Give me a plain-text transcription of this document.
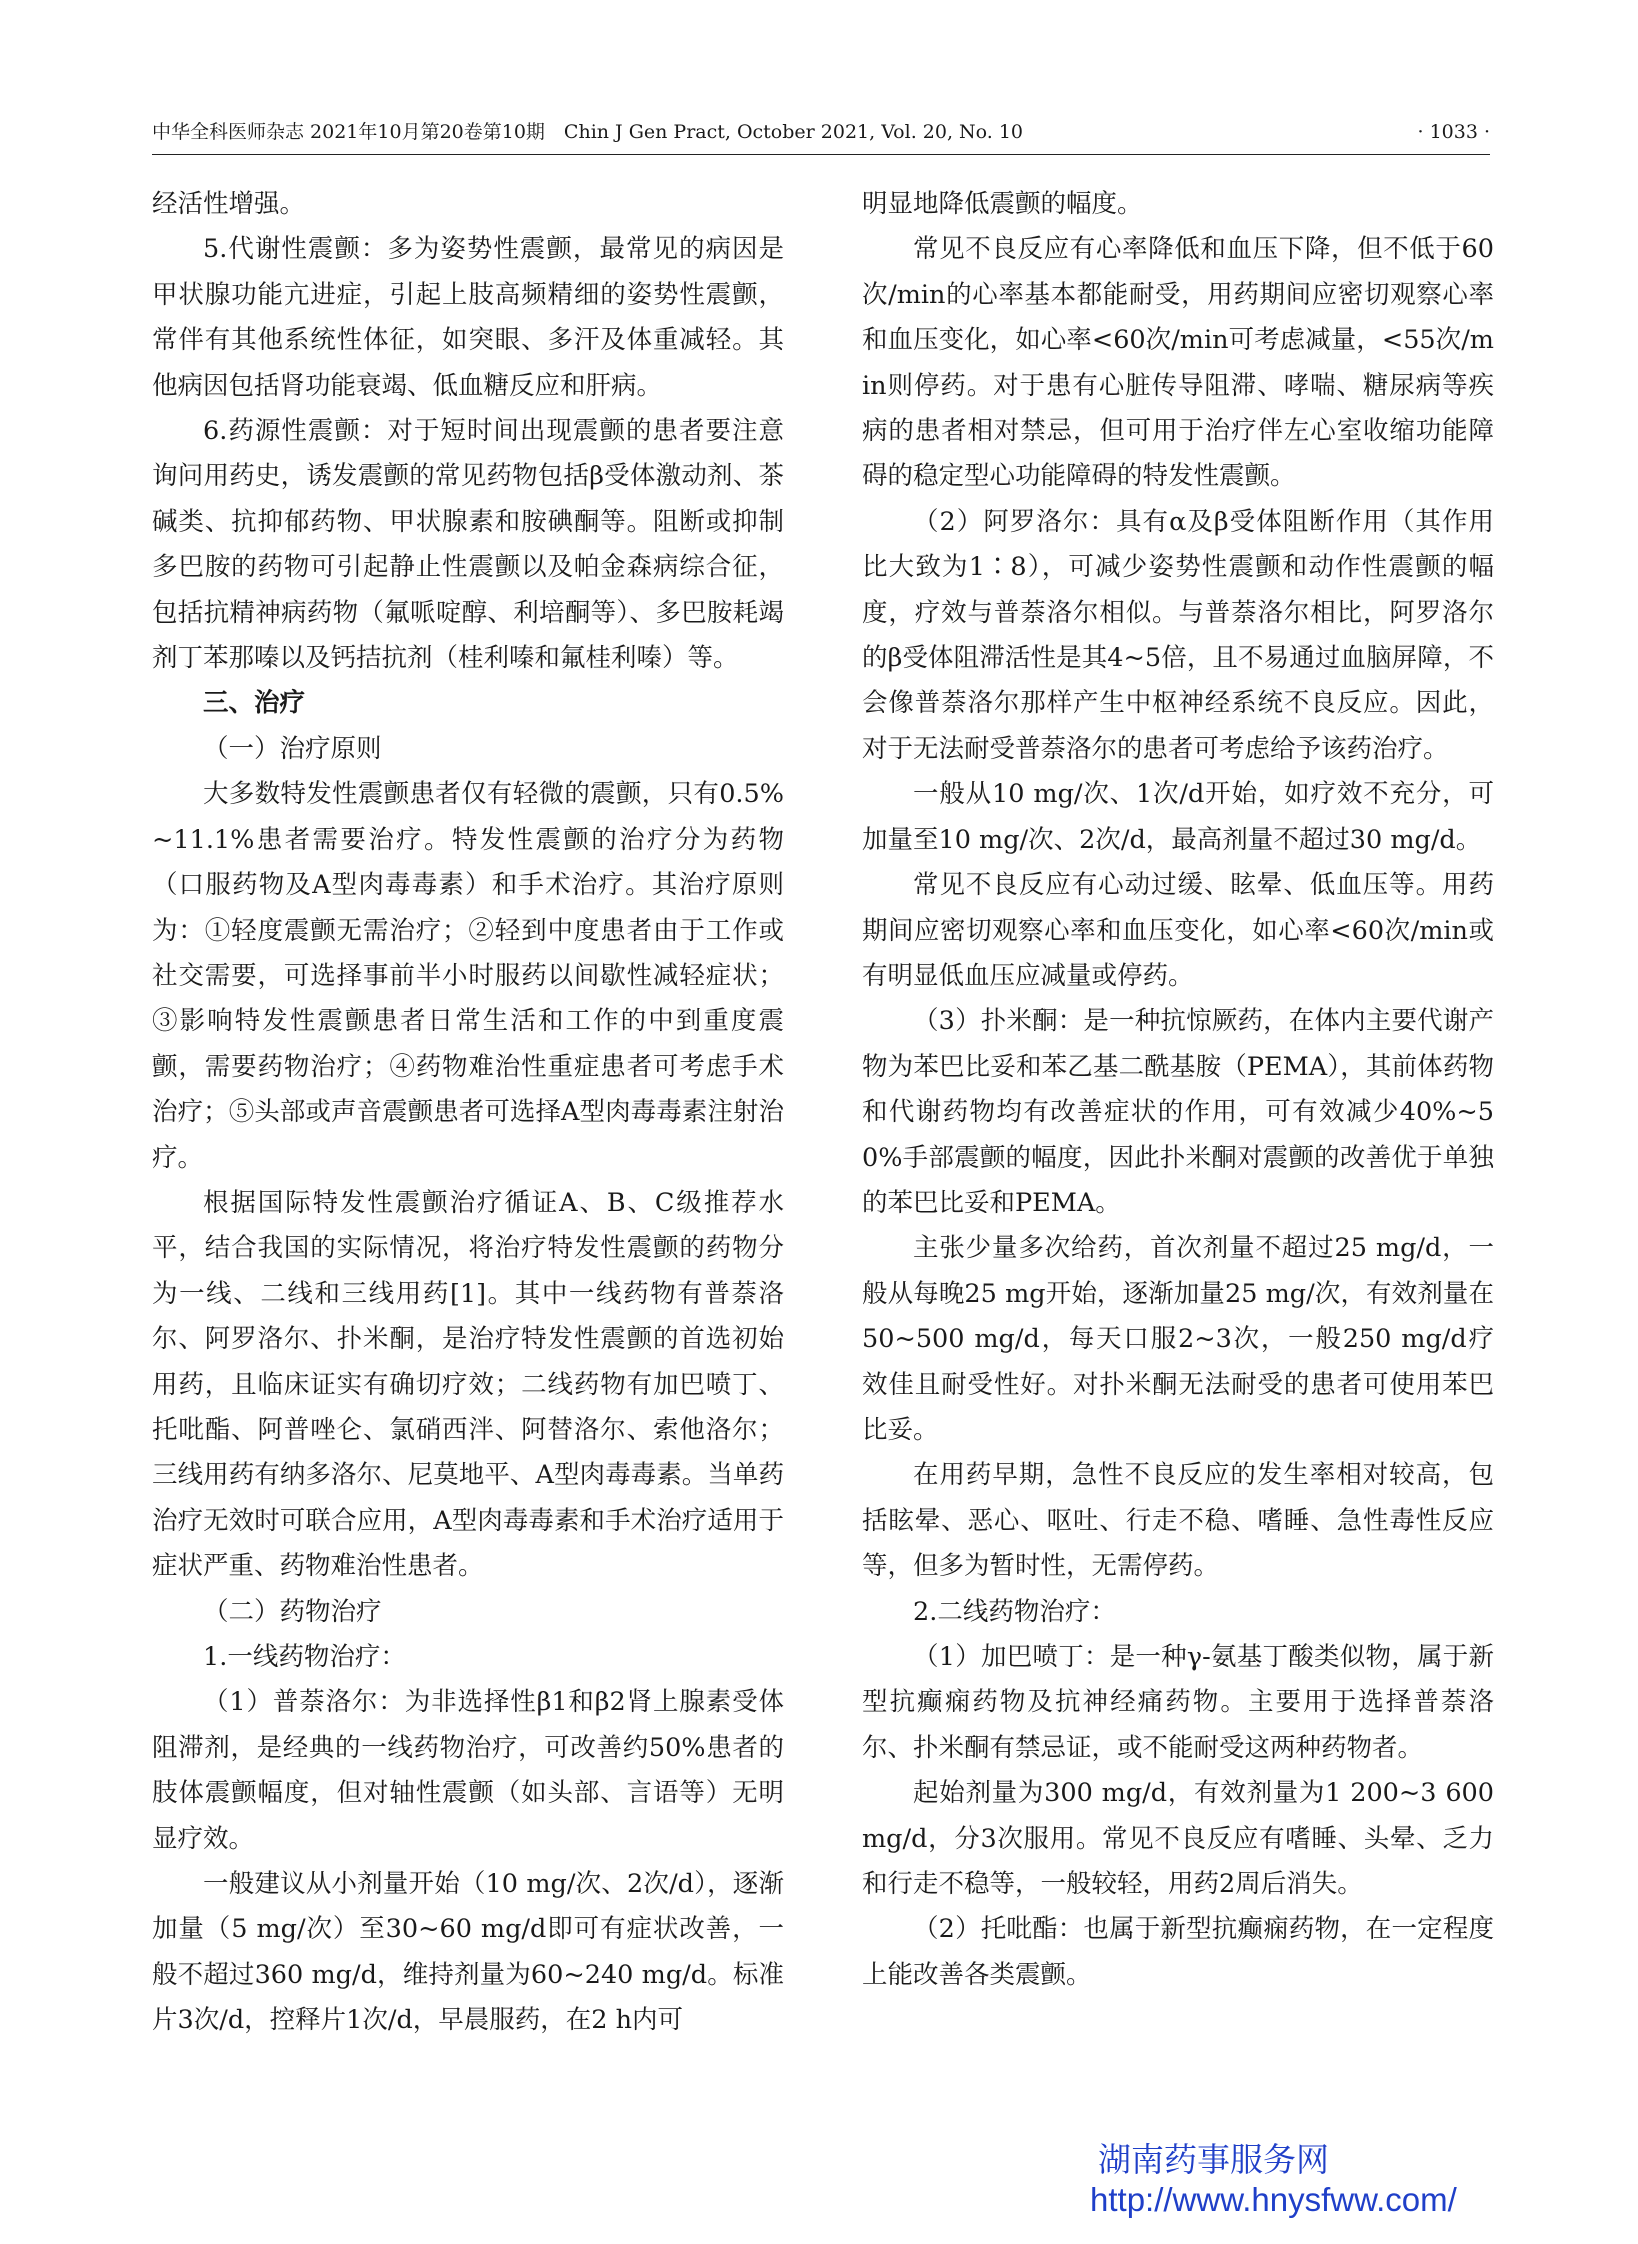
中华全科医师杂志 2021年10月第20卷第10期　Chin J Gen Pract, October 2021, Vol. 20, No. 10	· 1033 ·

经活性增强。

5.代谢性震颤：多为姿势性震颤，最常见的病因是甲状腺功能亢进症，引起上肢高频精细的姿势性震颤，常伴有其他系统性体征，如突眼、多汗及体重减轻。其他病因包括肾功能衰竭、低血糖反应和肝病。

6.药源性震颤：对于短时间出现震颤的患者要注意询问用药史，诱发震颤的常见药物包括β受体激动剂、茶碱类、抗抑郁药物、甲状腺素和胺碘酮等。阻断或抑制多巴胺的药物可引起静止性震颤以及帕金森病综合征，包括抗精神病药物（氟哌啶醇、利培酮等）、多巴胺耗竭剂丁苯那嗪以及钙拮抗剂（桂利嗪和氟桂利嗪）等。

三、治疗

（一）治疗原则

大多数特发性震颤患者仅有轻微的震颤，只有0.5%~11.1%患者需要治疗。特发性震颤的治疗分为药物（口服药物及A型肉毒毒素）和手术治疗。其治疗原则为：①轻度震颤无需治疗；②轻到中度患者由于工作或社交需要，可选择事前半小时服药以间歇性减轻症状；③影响特发性震颤患者日常生活和工作的中到重度震颤，需要药物治疗；④药物难治性重症患者可考虑手术治疗；⑤头部或声音震颤患者可选择A型肉毒毒素注射治疗。

根据国际特发性震颤治疗循证A、B、C级推荐水平，结合我国的实际情况，将治疗特发性震颤的药物分为一线、二线和三线用药[1]。其中一线药物有普萘洛尔、阿罗洛尔、扑米酮，是治疗特发性震颤的首选初始用药，且临床证实有确切疗效；二线药物有加巴喷丁、托吡酯、阿普唑仑、氯硝西泮、阿替洛尔、索他洛尔；三线用药有纳多洛尔、尼莫地平、A型肉毒毒素。当单药治疗无效时可联合应用，A型肉毒毒素和手术治疗适用于症状严重、药物难治性患者。

（二）药物治疗

1.一线药物治疗：

（1）普萘洛尔：为非选择性β1和β2肾上腺素受体阻滞剂，是经典的一线药物治疗，可改善约50%患者的肢体震颤幅度，但对轴性震颤（如头部、言语等）无明显疗效。

一般建议从小剂量开始（10 mg/次、2次/d），逐渐加量（5 mg/次）至30~60 mg/d即可有症状改善，一般不超过360 mg/d，维持剂量为60~240 mg/d。标准片3次/d，控释片1次/d，早晨服药，在2 h内可

明显地降低震颤的幅度。

常见不良反应有心率降低和血压下降，但不低于60次/min的心率基本都能耐受，用药期间应密切观察心率和血压变化，如心率<60次/min可考虑减量，<55次/min则停药。对于患有心脏传导阻滞、哮喘、糖尿病等疾病的患者相对禁忌，但可用于治疗伴左心室收缩功能障碍的稳定型心功能障碍的特发性震颤。

（2）阿罗洛尔：具有α及β受体阻断作用（其作用比大致为1∶8），可减少姿势性震颤和动作性震颤的幅度，疗效与普萘洛尔相似。与普萘洛尔相比，阿罗洛尔的β受体阻滞活性是其4~5倍，且不易通过血脑屏障，不会像普萘洛尔那样产生中枢神经系统不良反应。因此，对于无法耐受普萘洛尔的患者可考虑给予该药治疗。

一般从10 mg/次、1次/d开始，如疗效不充分，可加量至10 mg/次、2次/d，最高剂量不超过30 mg/d。

常见不良反应有心动过缓、眩晕、低血压等。用药期间应密切观察心率和血压变化，如心率<60次/min或有明显低血压应减量或停药。

（3）扑米酮：是一种抗惊厥药，在体内主要代谢产物为苯巴比妥和苯乙基二酰基胺（PEMA），其前体药物和代谢药物均有改善症状的作用，可有效减少40%~50%手部震颤的幅度，因此扑米酮对震颤的改善优于单独的苯巴比妥和PEMA。

主张少量多次给药，首次剂量不超过25 mg/d，一般从每晚25 mg开始，逐渐加量25 mg/次，有效剂量在50~500 mg/d，每天口服2~3次，一般250 mg/d疗效佳且耐受性好。对扑米酮无法耐受的患者可使用苯巴比妥。

在用药早期，急性不良反应的发生率相对较高，包括眩晕、恶心、呕吐、行走不稳、嗜睡、急性毒性反应等，但多为暂时性，无需停药。

2.二线药物治疗：

（1）加巴喷丁：是一种γ-氨基丁酸类似物，属于新型抗癫痫药物及抗神经痛药物。主要用于选择普萘洛尔、扑米酮有禁忌证，或不能耐受这两种药物者。

起始剂量为300 mg/d，有效剂量为1 200~3 600 mg/d，分3次服用。常见不良反应有嗜睡、头晕、乏力和行走不稳等，一般较轻，用药2周后消失。

（2）托吡酯：也属于新型抗癫痫药物，在一定程度上能改善各类震颤。

湖南药事服务网
http://www.hnysfww.com/
